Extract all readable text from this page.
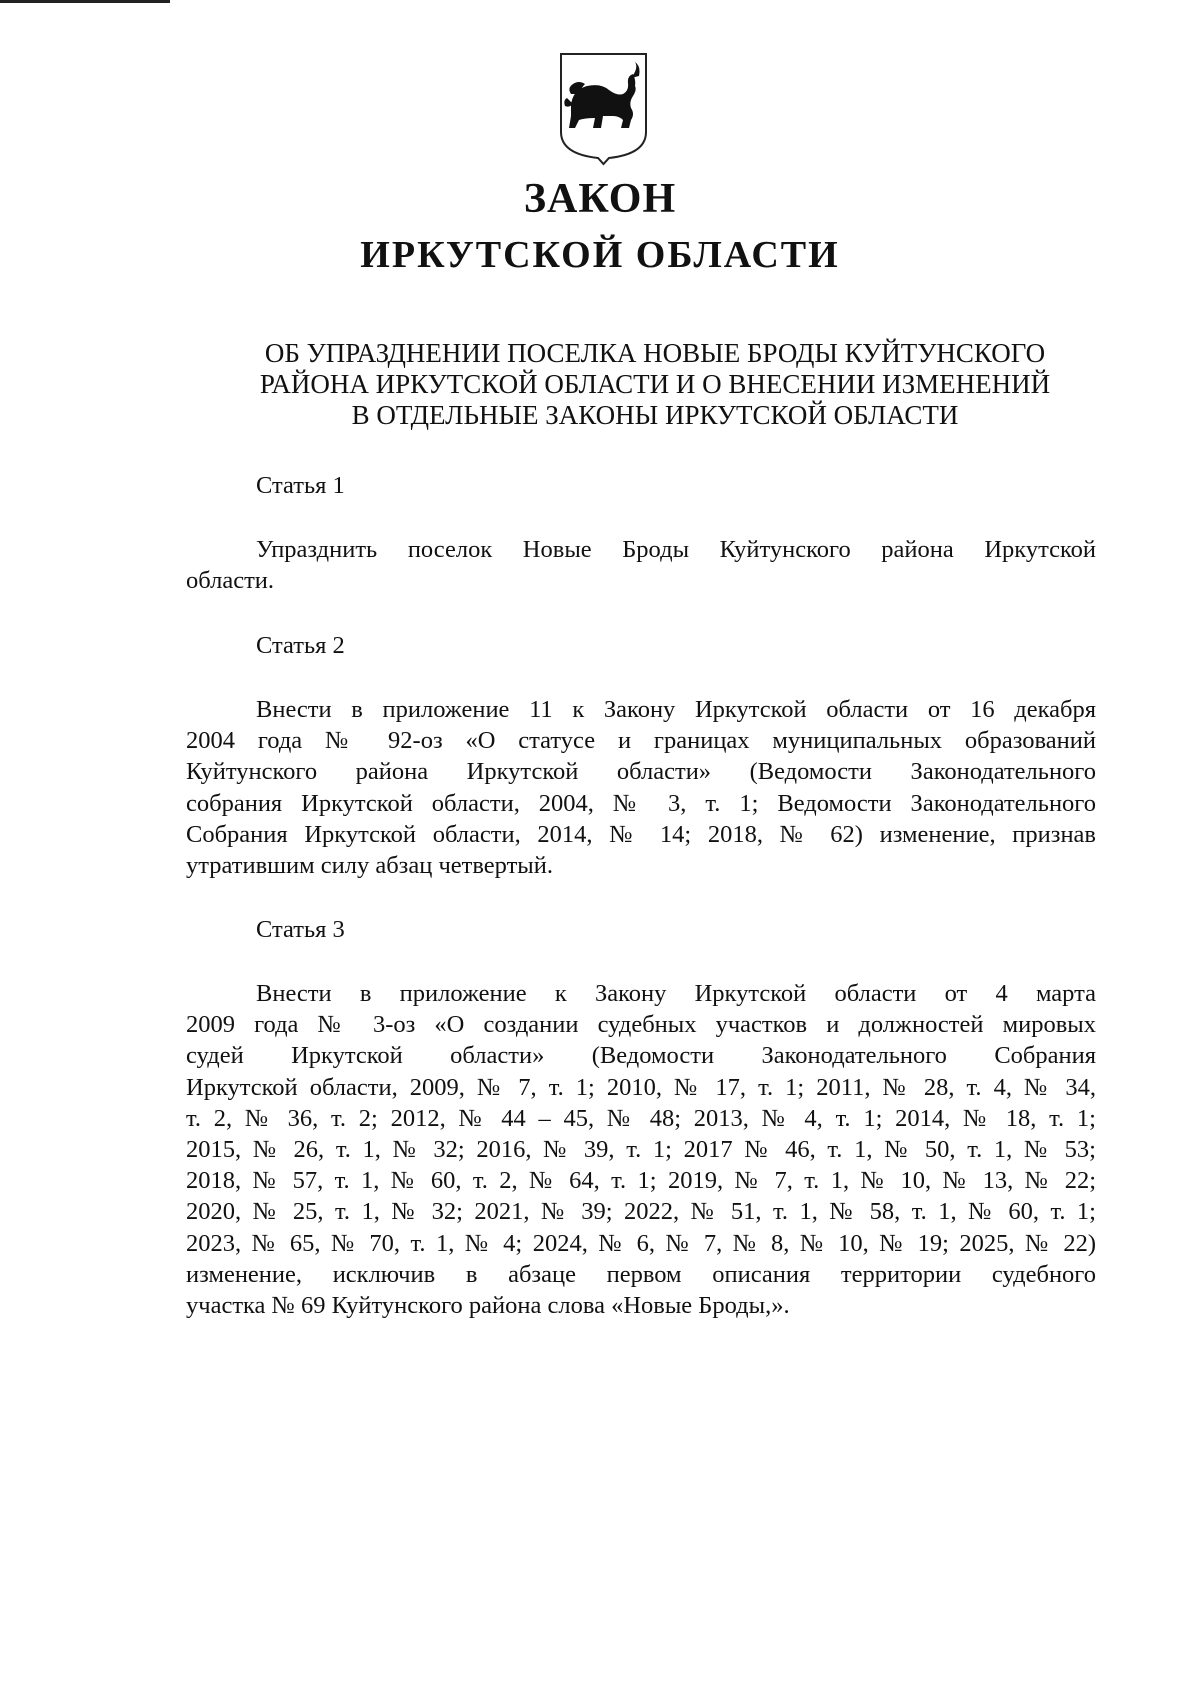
ЗАКОН
ИРКУТСКОЙ ОБЛАСТИ

ОБ УПРАЗДНЕНИИ ПОСЕЛКА НОВЫЕ БРОДЫ КУЙТУНСКОГО
РАЙОНА ИРКУТСКОЙ ОБЛАСТИ И О ВНЕСЕНИИ ИЗМЕНЕНИЙ
В ОТДЕЛЬНЫЕ ЗАКОНЫ ИРКУТСКОЙ ОБЛАСТИ

Статья 1

Упразднить поселок Новые Броды Куйтунского района Иркутской
области.

Статья 2

Внести в приложение 11 к Закону Иркутской области от 16 декабря
2004 года № 92-оз «О статусе и границах муниципальных образований
Куйтунского района Иркутской области» (Ведомости Законодательного
собрания Иркутской области, 2004, № 3, т. 1; Ведомости Законодательного
Собрания Иркутской области, 2014, № 14; 2018, № 62) изменение, признав
утратившим силу абзац четвертый.

Статья 3

Внести в приложение к Закону Иркутской области от 4 марта
2009 года № 3-оз «О создании судебных участков и должностей мировых
судей Иркутской области» (Ведомости Законодательного Собрания
Иркутской области, 2009, № 7, т. 1; 2010, № 17, т. 1; 2011, № 28, т. 4, № 34,
т. 2, № 36, т. 2; 2012, № 44 – 45, № 48; 2013, № 4, т. 1; 2014, № 18, т. 1;
2015, № 26, т. 1, № 32; 2016, № 39, т. 1; 2017 № 46, т. 1, № 50, т. 1, № 53;
2018, № 57, т. 1, № 60, т. 2, № 64, т. 1; 2019, № 7, т. 1, № 10, № 13, № 22;
2020, № 25, т. 1, № 32; 2021, № 39; 2022, № 51, т. 1, № 58, т. 1, № 60, т. 1;
2023, № 65, № 70, т. 1, № 4; 2024, № 6, № 7, № 8, № 10, № 19; 2025, № 22)
изменение, исключив в абзаце первом описания территории судебного
участка № 69 Куйтунского района слова «Новые Броды,».
